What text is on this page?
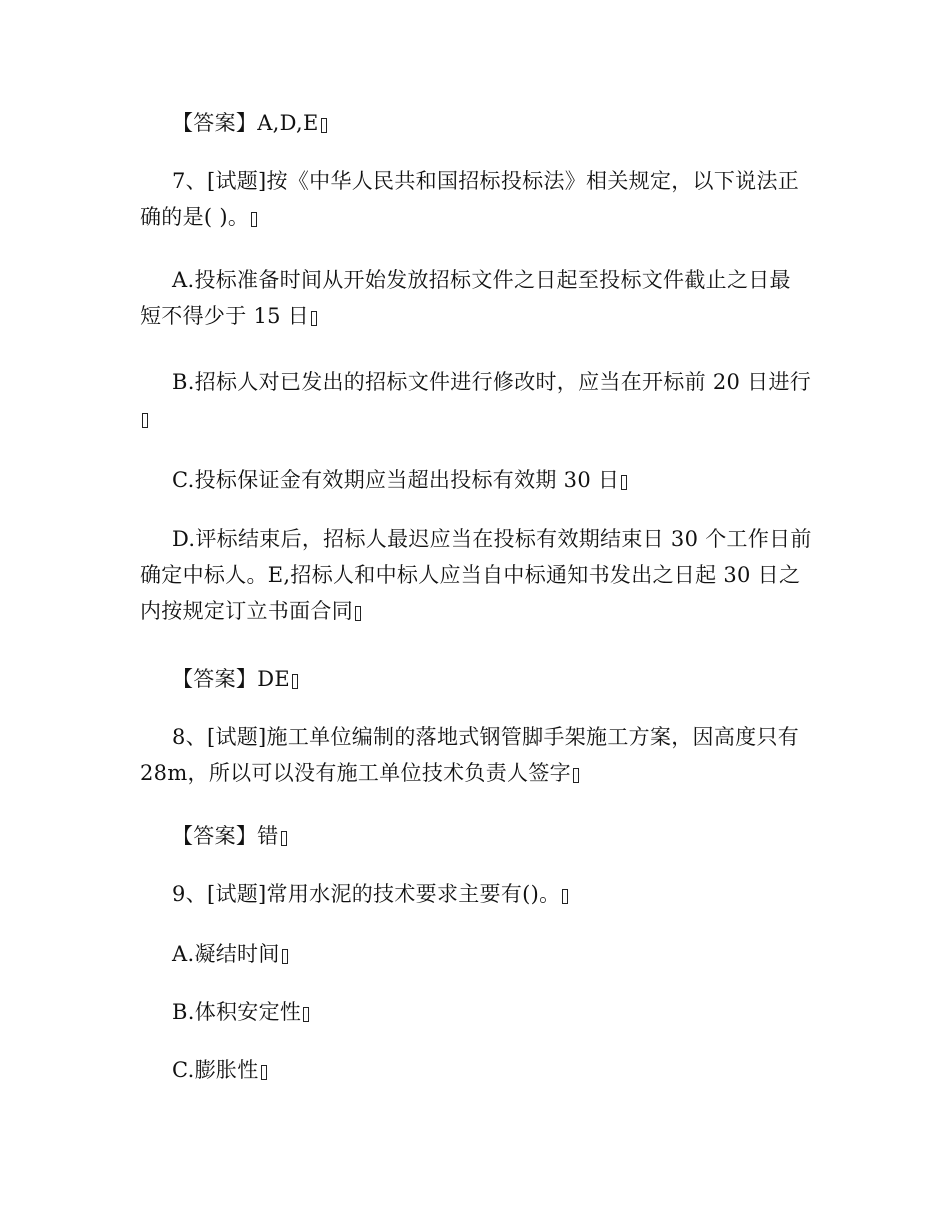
【答案】A,D,E

7、[试题]按《中华人民共和国招标投标法》相关规定，以下说法正确的是( )。

A.投标准备时间从开始发放招标文件之日起至投标文件截止之日最短不得少于 15 日

B.招标人对已发出的招标文件进行修改时，应当在开标前 20 日进行

C.投标保证金有效期应当超出投标有效期 30 日

D.评标结束后，招标人最迟应当在投标有效期结束日 30 个工作日前确定中标人。E,招标人和中标人应当自中标通知书发出之日起 30 日之内按规定订立书面合同

【答案】DE

8、[试题]施工单位编制的落地式钢管脚手架施工方案，因高度只有 28m，所以可以没有施工单位技术负责人签字

【答案】错

9、[试题]常用水泥的技术要求主要有()。

A.凝结时间

B.体积安定性

C.膨胀性
